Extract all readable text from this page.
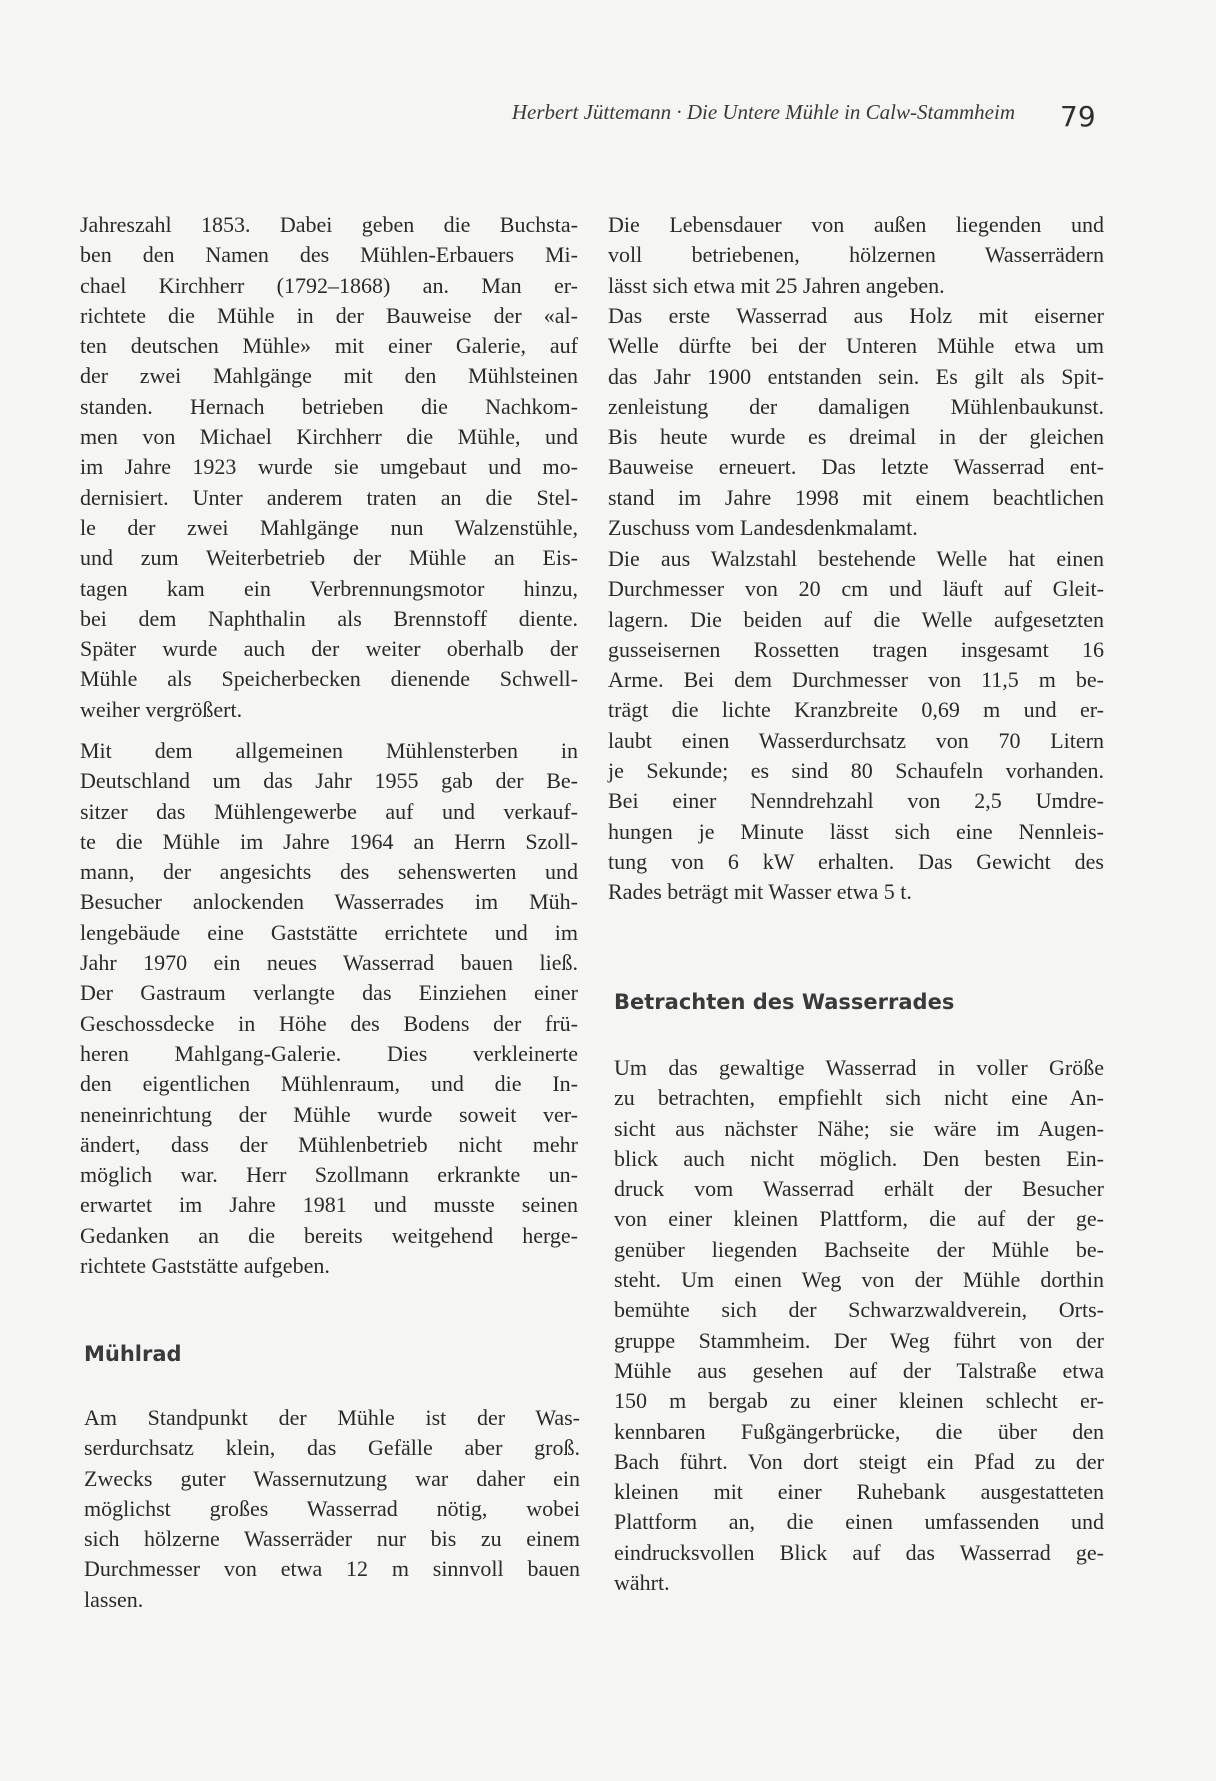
Herbert Jüttemann · Die Untere Mühle in Calw-Stammheim 79
Jahreszahl 1853. Dabei geben die Buchsta-
ben den Namen des Mühlen-Erbauers Mi-
chael Kirchherr (1792–1868) an. Man er-
richtete die Mühle in der Bauweise der «al-
ten deutschen Mühle» mit einer Galerie, auf
der zwei Mahlgänge mit den Mühlsteinen
standen. Hernach betrieben die Nachkom-
men von Michael Kirchherr die Mühle, und
im Jahre 1923 wurde sie umgebaut und mo-
dernisiert. Unter anderem traten an die Stel-
le der zwei Mahlgänge nun Walzenstühle,
und zum Weiterbetrieb der Mühle an Eis-
tagen kam ein Verbrennungsmotor hinzu,
bei dem Naphthalin als Brennstoff diente.
Später wurde auch der weiter oberhalb der
Mühle als Speicherbecken dienende Schwell-
weiher vergrößert.
Mit dem allgemeinen Mühlensterben in
Deutschland um das Jahr 1955 gab der Be-
sitzer das Mühlengewerbe auf und verkauf-
te die Mühle im Jahre 1964 an Herrn Szoll-
mann, der angesichts des sehenswerten und
Besucher anlockenden Wasserrades im Müh-
lengebäude eine Gaststätte errichtete und im
Jahr 1970 ein neues Wasserrad bauen ließ.
Der Gastraum verlangte das Einziehen einer
Geschossdecke in Höhe des Bodens der frü-
heren Mahlgang-Galerie. Dies verkleinerte
den eigentlichen Mühlenraum, und die In-
neneinrichtung der Mühle wurde soweit ver-
ändert, dass der Mühlenbetrieb nicht mehr
möglich war. Herr Szollmann erkrankte un-
erwartet im Jahre 1981 und musste seinen
Gedanken an die bereits weitgehend herge-
richtete Gaststätte aufgeben.
Mühlrad
Am Standpunkt der Mühle ist der Was-
serdurchsatz klein, das Gefälle aber groß.
Zwecks guter Wassernutzung war daher ein
möglichst großes Wasserrad nötig, wobei
sich hölzerne Wasserräder nur bis zu einem
Durchmesser von etwa 12 m sinnvoll bauen
lassen.
Die Lebensdauer von außen liegenden und
voll betriebenen, hölzernen Wasserrädern
lässt sich etwa mit 25 Jahren angeben.
Das erste Wasserrad aus Holz mit eiserner
Welle dürfte bei der Unteren Mühle etwa um
das Jahr 1900 entstanden sein. Es gilt als Spit-
zenleistung der damaligen Mühlenbaukunst.
Bis heute wurde es dreimal in der gleichen
Bauweise erneuert. Das letzte Wasserrad ent-
stand im Jahre 1998 mit einem beachtlichen
Zuschuss vom Landesdenkmalamt.
Die aus Walzstahl bestehende Welle hat einen
Durchmesser von 20 cm und läuft auf Gleit-
lagern. Die beiden auf die Welle aufgesetzten
gusseisernen Rossetten tragen insgesamt 16
Arme. Bei dem Durchmesser von 11,5 m be-
trägt die lichte Kranzbreite 0,69 m und er-
laubt einen Wasserdurchsatz von 70 Litern
je Sekunde; es sind 80 Schaufeln vorhanden.
Bei einer Nenndrehzahl von 2,5 Umdre-
hungen je Minute lässt sich eine Nennleis-
tung von 6 kW erhalten. Das Gewicht des
Rades beträgt mit Wasser etwa 5 t.
Betrachten des Wasserrades
Um das gewaltige Wasserrad in voller Größe
zu betrachten, empfiehlt sich nicht eine An-
sicht aus nächster Nähe; sie wäre im Augen-
blick auch nicht möglich. Den besten Ein-
druck vom Wasserrad erhält der Besucher
von einer kleinen Plattform, die auf der ge-
genüber liegenden Bachseite der Mühle be-
steht. Um einen Weg von der Mühle dorthin
bemühte sich der Schwarzwaldverein, Orts-
gruppe Stammheim. Der Weg führt von der
Mühle aus gesehen auf der Talstraße etwa
150 m bergab zu einer kleinen schlecht er-
kennbaren Fußgängerbrücke, die über den
Bach führt. Von dort steigt ein Pfad zu der
kleinen mit einer Ruhebank ausgestatteten
Plattform an, die einen umfassenden und
eindrucksvollen Blick auf das Wasserrad ge-
währt.
